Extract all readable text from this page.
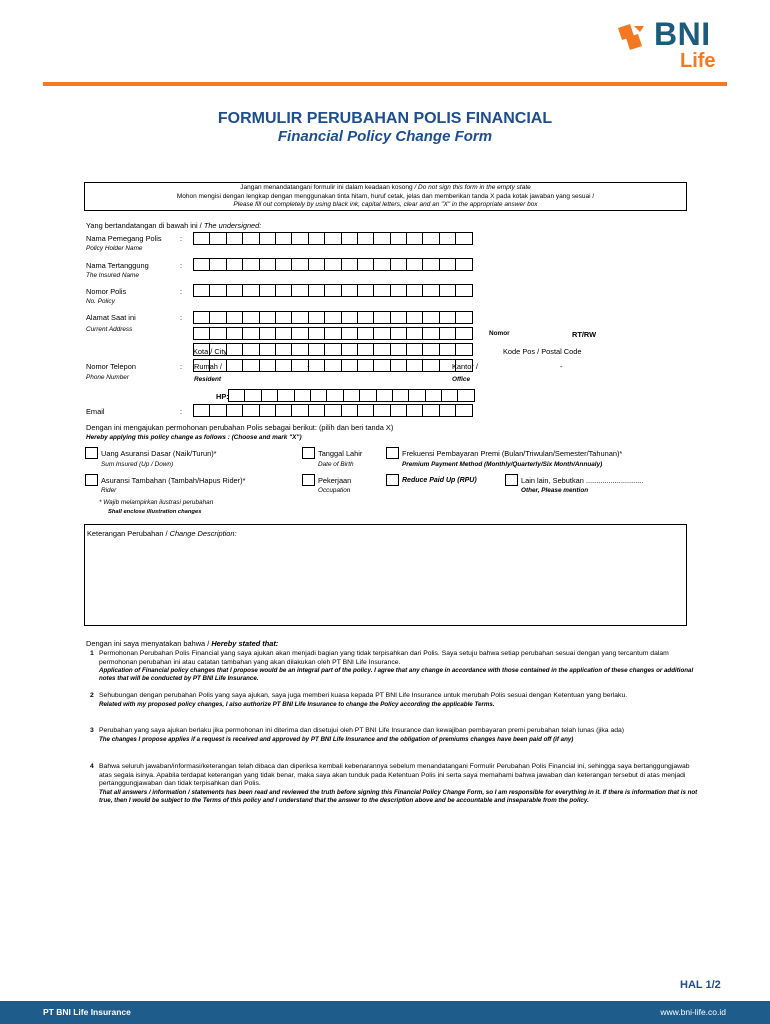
BNI
Life
FORMULIR PERUBAHAN POLIS FINANCIAL
Financial Policy Change Form
Jangan menandatangani formulir ini dalam keadaan kosong / Do not sign this form in the empty state
Mohon mengisi dengan lengkap dengan menggunakan tinta hitam, huruf cetak, jelas dan memberikan tanda X pada kotak jawaban yang sesuai /
Please fill out completely by using black ink, capital letters, clear and an "X" in the appropriate answer box
Yang bertandatangan di bawah ini / The undersigned:
Nama Pemegang Polis
Policy Holder Name
:
Nama Tertanggung
The Insured Name
:
Nomor Polis
No. Policy
:
Alamat Saat ini
Current Address
:
Nomor	RT/RW
Kota / City	Kode Pos / Postal Code
Nomor Telepon
Phone Number
: Rumah /
Resident
-	Kantor /
Office
-
HP:
Email	:
Dengan ini mengajukan permohonan perubahan Polis sebagai berikut: (pilih dan beri tanda X)
Hereby applying this policy change as follows : (Choose and mark "X")
Uang Asuransi Dasar (Naik/Turun)*
Sum Insured (Up / Down)
Tanggal Lahir
Date of Birth
Frekuensi Pembayaran Premi (Bulan/Triwulan/Semester/Tahunan)*
Premium Payment Method (Monthly/Quarterly/Six Month/Annualy)
Asuransi Tambahan (Tambah/Hapus Rider)*
Rider
Pekerjaan
Occupation
Reduce Paid Up (RPU)	Lain lain, Sebutkan ............................
Other, Please mention
* Wajib melampirkan ilustrasi perubahan
Shall enclose illustration changes
Keterangan Perubahan / Change Description:
Dengan ini saya menyatakan bahwa / Hereby stated that:
1 Permohonan Perubahan Polis Financial yang saya ajukan akan menjadi bagian yang tidak terpisahkan dari Polis. Saya setuju bahwa setiap perubahan sesuai dengan yang tercantum dalam permohonan perubahan ini atau catatan tambahan yang akan dilakukan oleh PT BNI Life Insurance.
Application of Financial policy changes that I propose would be an integral part of the policy. I agree that any change in accordance with those contained in the application of these changes or additional notes that will be conducted by PT BNI Life Insurance.
2 Sehubungan dengan perubahan Polis yang saya ajukan, saya juga memberi kuasa kepada PT BNI Life Insurance untuk merubah Polis sesuai dengan Ketentuan yang berlaku.
Related with my proposed policy changes, I also authorize PT BNI Life Insurance to change the Policy according the applicable Terms.
3 Perubahan yang saya ajukan berlaku jika permohonan ini diterima dan disetujui oleh PT BNI Life Insurance dan kewajiban pembayaran premi perubahan telah lunas (jika ada)
The changes I propose applies if a request is received and approved by PT BNI Life Insurance and the obligation of premiums changes have been paid off (if any)
4 Bahwa seluruh jawaban/informasi/keterangan telah dibaca dan diperiksa kembali kebenarannya sebelum menandatangani Formulir Perubahan Polis Financial ini, sehingga saya bertanggungjawab atas segala isinya. Apabila terdapat keterangan yang tidak benar, maka saya akan tunduk pada Ketentuan Polis ini serta saya memahami bahwa jawaban dan keterangan tersebut di atas menjadi pertanggungjawaban dan tidak terpisahkan dari Polis.
That all answers / information / statements has been read and reviewed the truth before signing this Financial Policy Change Form, so I am responsible for everything in it. If there is information that is not true, then I would be subject to the Terms of this policy and I understand that the answer to the description above and be accountable and inseparable from the policy.
HAL 1/2
PT BNI Life Insurance	www.bni-life.co.id
